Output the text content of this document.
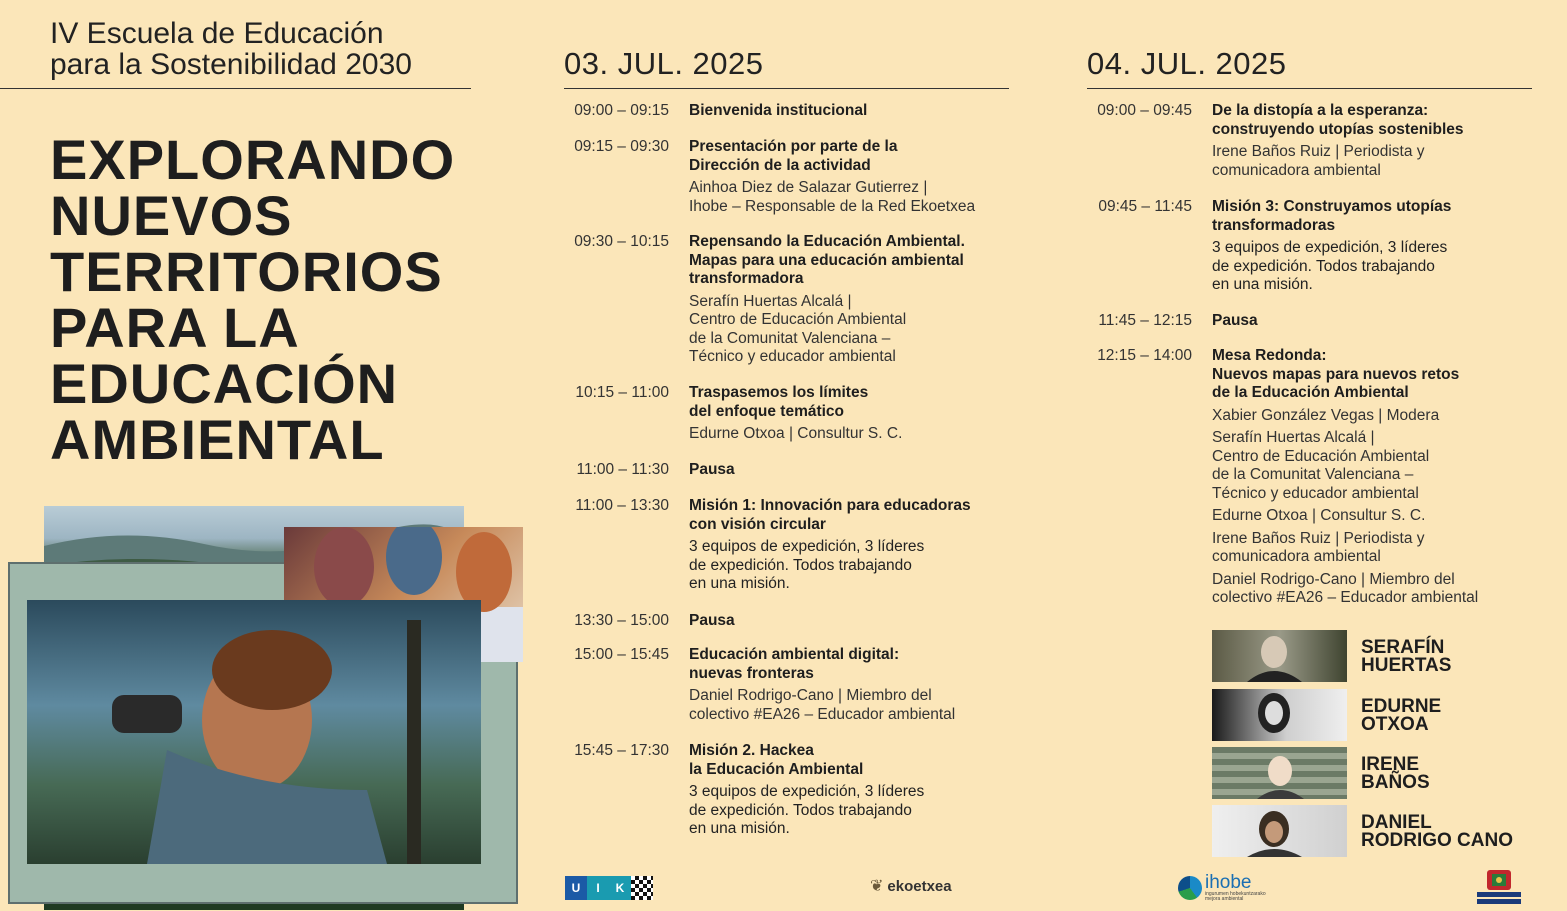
IV Escuela de Educación
para la Sostenibilidad 2030
EXPLORANDO
NUEVOS
TERRITORIOS
PARA LA
EDUCACIÓN
AMBIENTAL
03. JUL. 2025
09:00 – 09:15 Bienvenida institucional
09:15 – 09:30 Presentación por parte de la
Dirección de la actividad
Ainhoa Diez de Salazar Gutierrez |
Ihobe – Responsable de la Red Ekoetxea
09:30 – 10:15 Repensando la Educación Ambiental.
Mapas para una educación ambiental
transformadora
Serafín Huertas Alcalá |
Centro de Educación Ambiental
de la Comunitat Valenciana –
Técnico y educador ambiental
10:15 – 11:00 Traspasemos los límites
del enfoque temático
Edurne Otxoa | Consultur S. C.
11:00 – 11:30 Pausa
11:00 – 13:30 Misión 1: Innovación para educadoras
con visión circular
3 equipos de expedición, 3 líderes
de expedición. Todos trabajando
en una misión.
13:30 – 15:00 Pausa
15:00 – 15:45 Educación ambiental digital:
nuevas fronteras
Daniel Rodrigo-Cano | Miembro del
colectivo #EA26 – Educador ambiental
15:45 – 17:30 Misión 2. Hackea
la Educación Ambiental
3 equipos de expedición, 3 líderes
de expedición. Todos trabajando
en una misión.
04. JUL. 2025
09:00 – 09:45 De la distopía a la esperanza:
construyendo utopías sostenibles
Irene Baños Ruiz | Periodista y
comunicadora ambiental
09:45 – 11:45 Misión 3: Construyamos utopías
transformadoras
3 equipos de expedición, 3 líderes
de expedición. Todos trabajando
en una misión.
11:45 – 12:15 Pausa
12:15 – 14:00 Mesa Redonda:
Nuevos mapas para nuevos retos
de la Educación Ambiental
Xabier González Vegas | Modera
Serafín Huertas Alcalá |
Centro de Educación Ambiental
de la Comunitat Valenciana –
Técnico y educador ambiental
Edurne Otxoa | Consultur S. C.
Irene Baños Ruiz | Periodista y
comunicadora ambiental
Daniel Rodrigo-Cano | Miembro del
colectivo #EA26 – Educador ambiental
SERAFÍN
HUERTAS
EDURNE
OTXOA
IRENE
BAÑOS
DANIEL
RODRIGO CANO
U	I	K	❦ ekoetxea	ihobe
ingurumen hobekuntzarako
mejora ambiental
